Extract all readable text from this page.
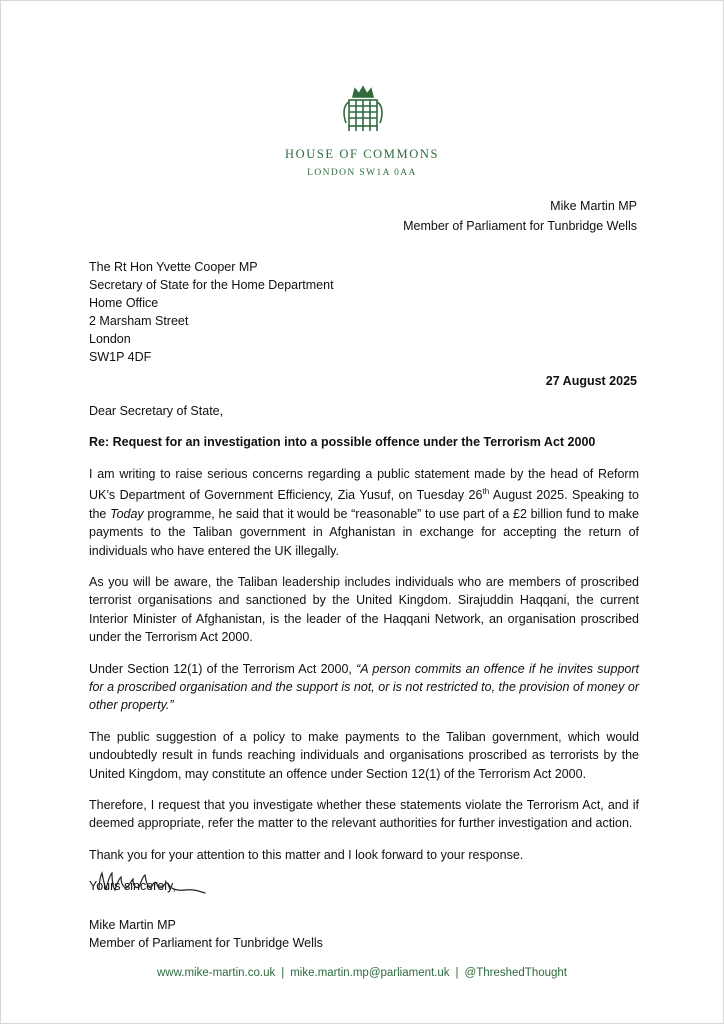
HOUSE OF COMMONS
LONDON SW1A 0AA
Mike Martin MP
Member of Parliament for Tunbridge Wells
The Rt Hon Yvette Cooper MP
Secretary of State for the Home Department
Home Office
2 Marsham Street
London
SW1P 4DF
27 August 2025

Dear Secretary of State,

Re: Request for an investigation into a possible offence under the Terrorism Act 2000

I am writing to raise serious concerns regarding a public statement made by the head of Reform UK’s Department of Government Efficiency, Zia Yusuf, on Tuesday 26th August 2025. Speaking to the Today programme, he said that it would be “reasonable” to use part of a £2 billion fund to make payments to the Taliban government in Afghanistan in exchange for accepting the return of individuals who have entered the UK illegally.

As you will be aware, the Taliban leadership includes individuals who are members of proscribed terrorist organisations and sanctioned by the United Kingdom. Sirajuddin Haqqani, the current Interior Minister of Afghanistan, is the leader of the Haqqani Network, an organisation proscribed under the Terrorism Act 2000.

Under Section 12(1) of the Terrorism Act 2000, “A person commits an offence if he invites support for a proscribed organisation and the support is not, or is not restricted to, the provision of money or other property.”

The public suggestion of a policy to make payments to the Taliban government, which would undoubtedly result in funds reaching individuals and organisations proscribed as terrorists by the United Kingdom, may constitute an offence under Section 12(1) of the Terrorism Act 2000.

Therefore, I request that you investigate whether these statements violate the Terrorism Act, and if deemed appropriate, refer the matter to the relevant authorities for further investigation and action.

Thank you for your attention to this matter and I look forward to your response.

Yours sincerely,

Mike Martin MP
Member of Parliament for Tunbridge Wells
www.mike-martin.co.uk | mike.martin.mp@parliament.uk | @ThreshedThought
